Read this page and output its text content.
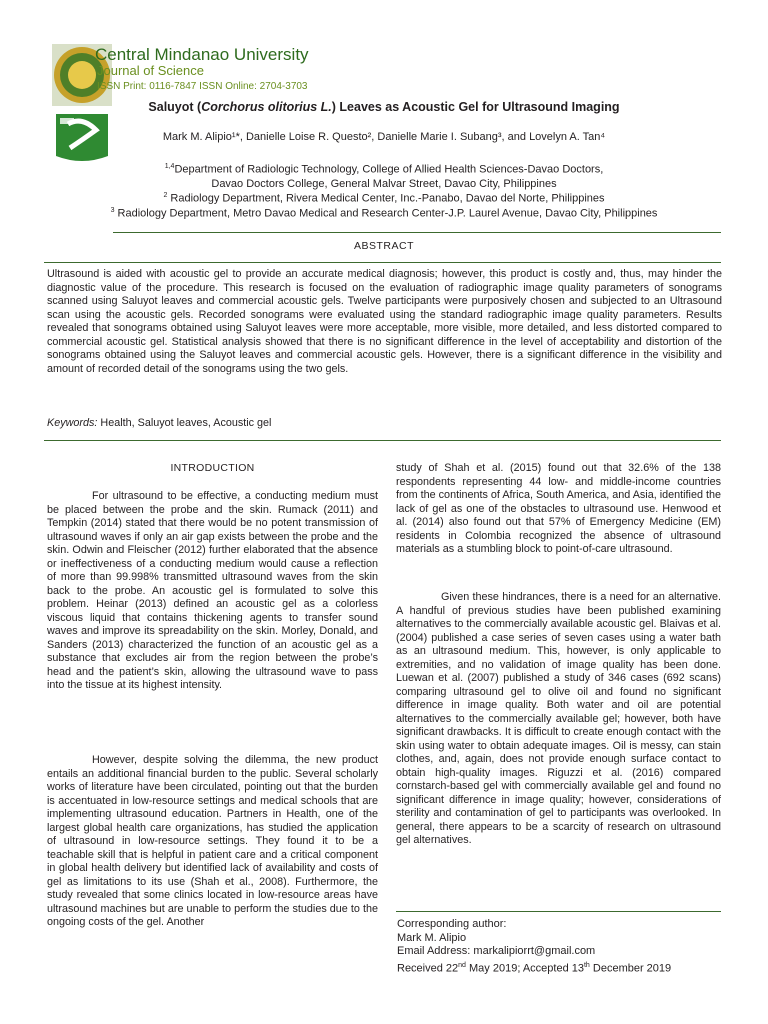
Central Mindanao University
Journal of Science
ISSN Print: 0116-7847 ISSN Online: 2704-3703
Saluyot (Corchorus olitorius L.) Leaves as Acoustic Gel for Ultrasound Imaging
Mark M. Alipio¹*, Danielle Loise R. Questo², Danielle Marie I. Subang³, and Lovelyn A. Tan⁴
$^{1,4}$Department of Radiologic Technology, College of Allied Health Sciences-Davao Doctors,
Davao Doctors College, General Malvar Street, Davao City, Philippines
$^2$ Radiology Department, Rivera Medical Center, Inc.-Panabo, Davao del Norte, Philippines
$^3$ Radiology Department, Metro Davao Medical and Research Center-J.P. Laurel Avenue, Davao City, Philippines
ABSTRACT

Ultrasound is aided with acoustic gel to provide an accurate medical diagnosis; however, this product is costly and, thus, may hinder the diagnostic value of the procedure. This research is focused on the evaluation of radiographic image quality parameters of sonograms scanned using Saluyot leaves and commercial acoustic gels. Twelve participants were purposively chosen and subjected to an Ultrasound scan using the acoustic gels. Recorded sonograms were evaluated using the standard radiographic image quality parameters. Results revealed that sonograms obtained using Saluyot leaves were more acceptable, more visible, more detailed, and less distorted compared to commercial acoustic gel. Statistical analysis showed that there is no significant difference in the level of acceptability and distortion of the sonograms obtained using the Saluyot leaves and commercial acoustic gels. However, there is a significant difference in the visibility and amount of recorded detail of the sonograms using the two gels.

Keywords: Health, Saluyot leaves, Acoustic gel
INTRODUCTION

For ultrasound to be effective, a conducting medium must be placed between the probe and the skin. Rumack (2011) and Tempkin (2014) stated that there would be no potent transmission of ultrasound waves if only an air gap exists between the probe and the skin. Odwin and Fleischer (2012) further elaborated that the absence or ineffectiveness of a conducting medium would cause a reflection of more than 99.998% transmitted ultrasound waves from the skin back to the probe. An acoustic gel is formulated to solve this problem. Heinar (2013) defined an acoustic gel as a colorless viscous liquid that contains thickening agents to transfer sound waves and improve its spreadability on the skin. Morley, Donald, and Sanders (2013) characterized the function of an acoustic gel as a substance that excludes air from the region between the probe’s head and the patient’s skin, allowing the ultrasound wave to pass into the tissue at its highest intensity.

However, despite solving the dilemma, the new product entails an additional financial burden to the public. Several scholarly works of literature have been circulated, pointing out that the burden is accentuated in low-resource settings and medical schools that are implementing ultrasound education. Partners in Health, one of the largest global health care organizations, has studied the application of ultrasound in low-resource settings. They found it to be a teachable skill that is helpful in patient care and a critical component in global health delivery but identified lack of availability and costs of gel as limitations to its use (Shah et al., 2008). Furthermore, the study revealed that some clinics located in low-resource areas have ultrasound machines but are unable to perform the studies due to the ongoing costs of the gel. Another

study of Shah et al. (2015) found out that 32.6% of the 138 respondents representing 44 low- and middle-income countries from the continents of Africa, South America, and Asia, identified the lack of gel as one of the obstacles to ultrasound use. Henwood et al. (2014) also found out that 57% of Emergency Medicine (EM) residents in Colombia recognized the absence of ultrasound materials as a stumbling block to point-of-care ultrasound.

Given these hindrances, there is a need for an alternative. A handful of previous studies have been published examining alternatives to the commercially available acoustic gel. Blaivas et al. (2004) published a case series of seven cases using a water bath as an ultrasound medium. This, however, is only applicable to extremities, and no validation of image quality has been done. Luewan et al. (2007) published a study of 346 cases (692 scans) comparing ultrasound gel to olive oil and found no significant difference in image quality. Both water and oil are potential alternatives to the commercially available gel; however, both have significant drawbacks. It is difficult to create enough contact with the skin using water to obtain adequate images. Oil is messy, can stain clothes, and, again, does not provide enough surface contact to obtain high-quality images. Riguzzi et al. (2016) compared cornstarch-based gel with commercially available gel and found no significant difference in image quality; however, considerations of sterility and contamination of gel to participants was overlooked. In general, there appears to be a scarcity of research on ultrasound gel alternatives.

Corresponding author:
Mark M. Alipio
Email Address: markalipiorrt@gmail.com
Received 22nd May 2019; Accepted 13th December 2019
